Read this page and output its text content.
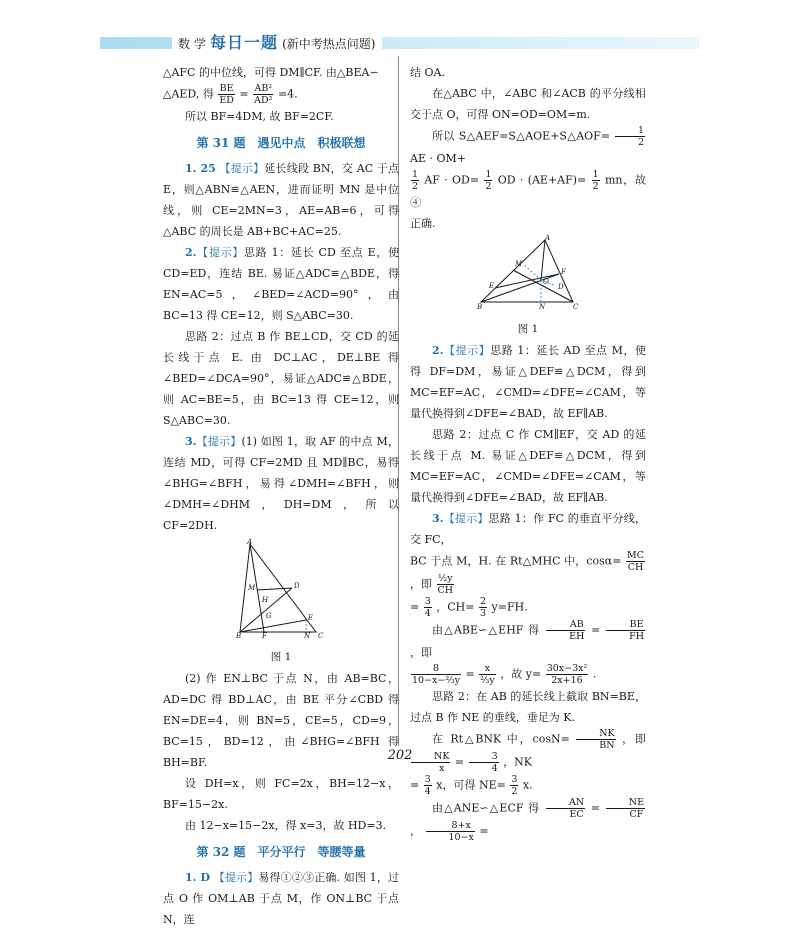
数 学 每日一题 (新中考热点问题)

△AFC 的中位线，可得 DM∥CF. 由△BEA∽

△AED, 得 $\frac{BE}{ED} = \frac{\text{AB²}}{\text{AD²}} =4$.

所以 BF=4DM, 故 BF=2CF.

第 31 题　遇见中点　积极联想

1. 25 【提示】延长线段 BN，交 AC 于点 E，则△ABN≌△AEN，进而证明 MN 是中位线，则 CE=2MN=3，AE=AB=6，可得△ABC 的周长是 AB+BC+AC=25.

2.【提示】思路 1：延长 CD 至点 E，使 CD=ED，连结 BE. 易证△ADC≌△BDE，得 EN=AC=5，∠BED=∠ACD=90°，由 BC=13 得 CE=12，则 S△ABC=30.

思路 2：过点 B 作 BE⊥CD，交 CD 的延长线于点 E. 由 DC⊥AC，DE⊥BE 得∠BED=∠DCA=90°，易证△ADC≌△BDE，则 AC=BE=5，由 BC=13 得 CE=12，则 S△ABC=30.

3.【提示】(1) 如图 1，取 AF 的中点 M，连结 MD，可得 CF=2MD 且 MD∥BC，易得∠BHG=∠BFH，易得∠DMH=∠BFH，则∠DMH=∠DHM，DH=DM，所以 CF=2DH.

A
B	C
D
E
F
G
H
M
N

图 1

(2) 作 EN⊥BC 于点 N，由 AB=BC，AD=DC 得 BD⊥AC，由 BE 平分∠CBD 得 EN=DE=4，则 BN=5，CE=5，CD=9，BC=15，BD=12，由∠BHG=∠BFH 得 BH=BF.

设 DH=x，则 FC=2x，BH=12−x，BF=15−2x.

由 12−x=15−2x，得 x=3，故 HD=3.

第 32 题　平分平行　等腰等量

1. D 【提示】易得①②③正确. 如图 1，过点 O 作 OM⊥AB 于点 M，作 ON⊥BC 于点 N，连

结 OA.

在△ABC 中，∠ABC 和∠ACB 的平分线相交于点 O，可得 ON=OD=OM=m.

所以 S△AEF=S△AOE+S△AOF= $\frac{1}{2}$
AE · OM+

$\frac{1}{2}$ AF · $OD= \frac{1}{2}$ OD · $(AE+AF)= \frac{1}{2}$ mn，故④

正确.

A
B	C
E
F
M
N
O
D

图 1

2.【提示】思路 1：延长 AD 至点 M，使得 DF=DM，易证△DEF≌△DCM，得到 MC=EF=AC，∠CMD=∠DFE=∠CAM，等量代换得到∠DFE=∠BAD，故 EF∥AB.

思路 2：过点 C 作 CM∥EF，交 AD 的延长线于点 M. 易证△DEF≌△DCM，得到 MC=EF=AC，∠CMD=∠DFE=∠CAM，等量代换得到∠DFE=∠BAD，故 EF∥AB.

3.【提示】思路 1：作 FC 的垂直平分线，交 FC，

BC 于点 M，H. 在 Rt△MHC 中，$\cos\alpha= \frac{MC}{CH}$
，即 $\frac{\text{½y}}{CH}$

= $\frac{3}{4}$ ，$CH= \frac{2}{3} y=FH$.

由△ABE∽△EHF 得 $\frac{AB}{EH} = \frac{BE}{FH}$
，即

$\frac{8}{\text{10−x−⅔y}} = \frac{x}{\text{⅔y}}$ ，故 $y= \frac{\text{30x−3x²}}{2x+16}$ .

思路 2：在 AB 的延长线上截取 BN=BE，过点 B 作 NE 的垂线，垂足为 K.

在 Rt△BNK 中，$\cos N= \frac{NK}{BN}$ ，即
$\frac{NK}{x} = \frac{3}{4}$ ，NK

= $\frac{3}{4}$ x，可得 $NE= \frac{3}{2} x$.

由△ANE∽△ECF 得 $\frac{AN}{EC} = \frac{NE}{CF}$
， $\frac{8+x}{10-x}$ =

202
